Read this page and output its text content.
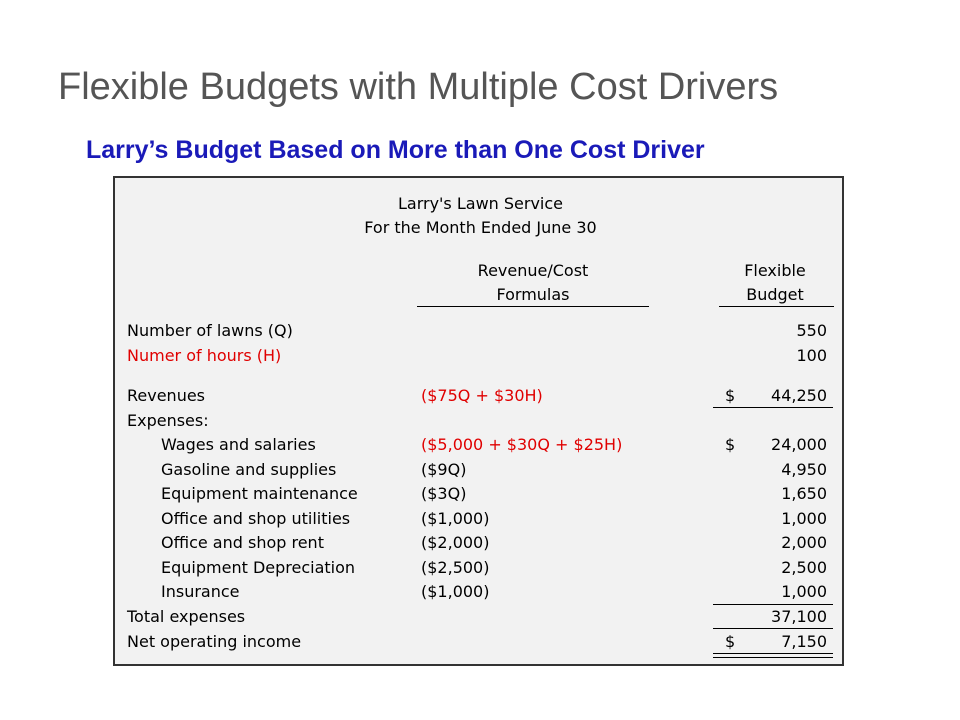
Flexible Budgets with Multiple Cost Drivers
Larry’s Budget Based on More than One Cost Driver
Larry's Lawn Service
For the Month Ended June 30
Revenue/Cost
Formulas
Flexible
Budget
Number of lawns (Q)	550
Numer of hours (H)	100
Revenues	($75Q + $30H)	$	44,250
Expenses:
Wages and salaries	($5,000 + $30Q + $25H)	$	24,000
Gasoline and supplies	($9Q)	4,950
Equipment maintenance	($3Q)	1,650
Office and shop utilities	($1,000)	1,000
Office and shop rent	($2,000)	2,000
Equipment Depreciation	($2,500)	2,500
Insurance	($1,000)	1,000
Total expenses	37,100
Net operating income	$	7,150
